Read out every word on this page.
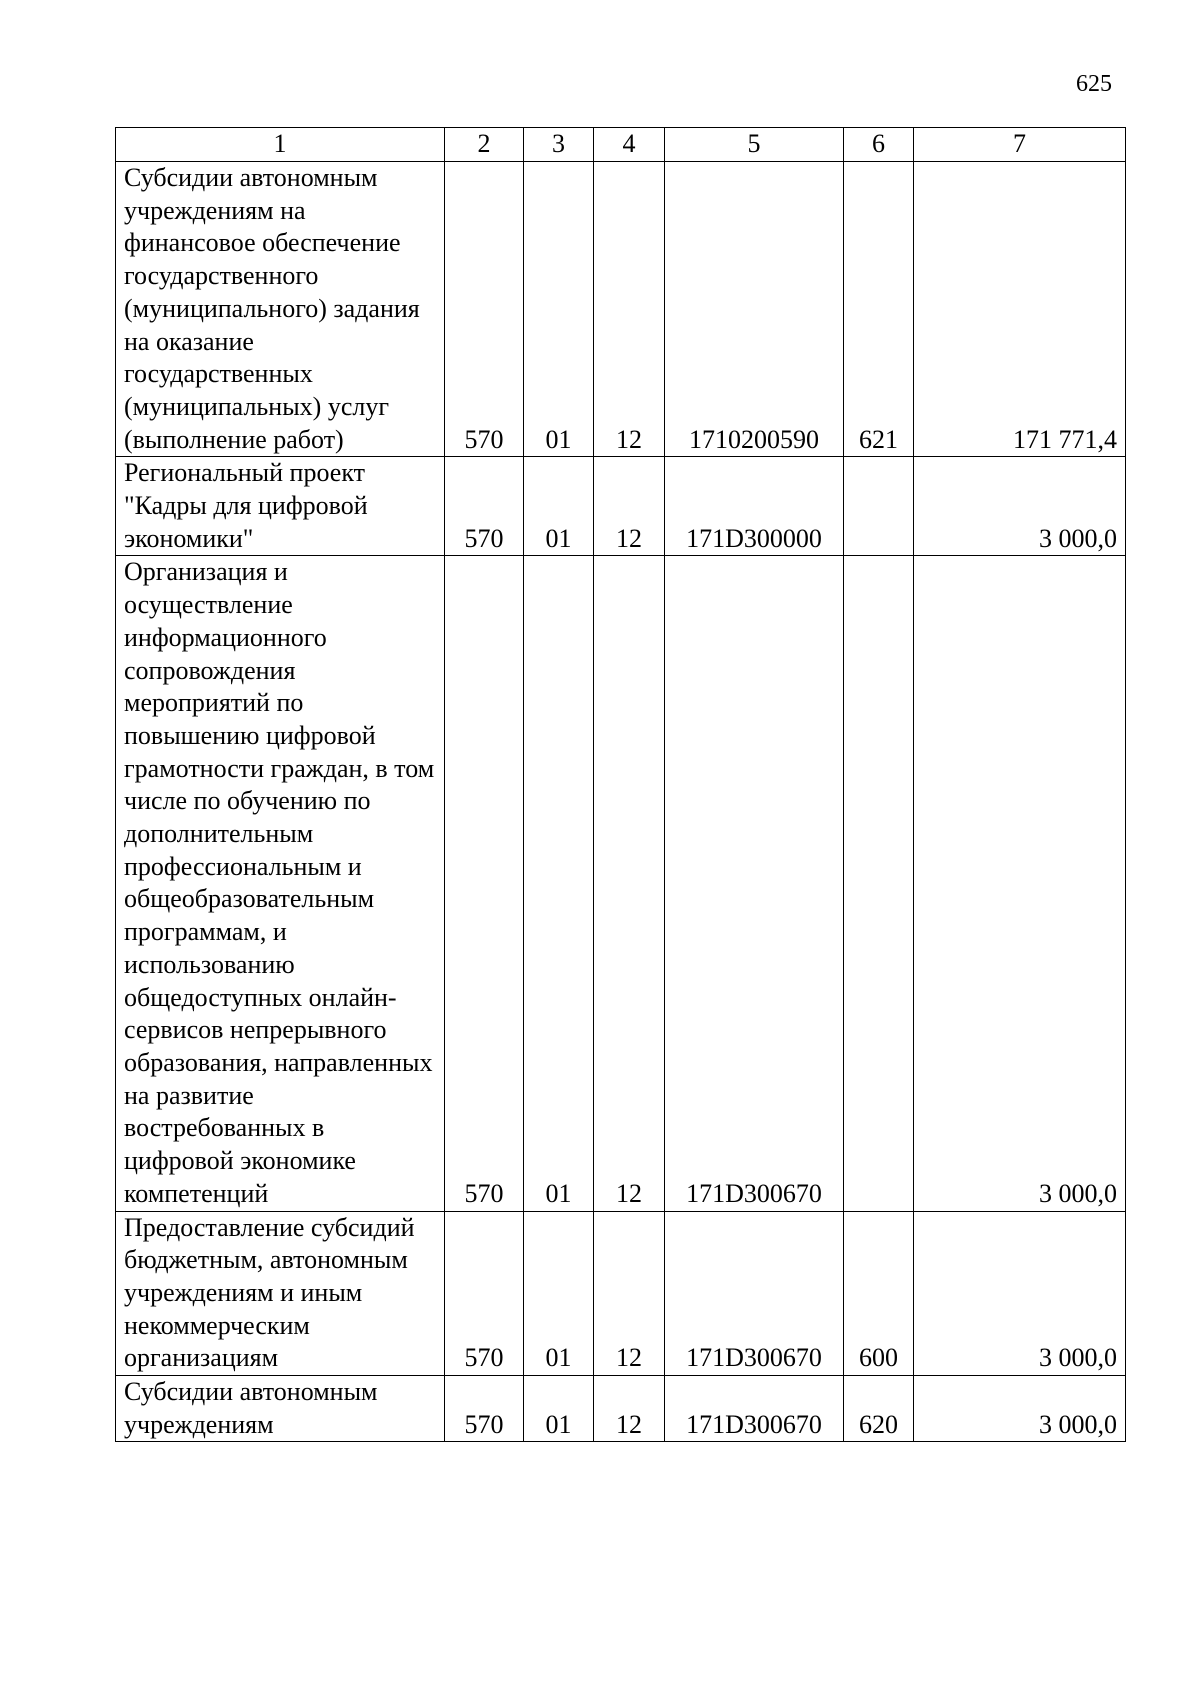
625
1	2	3	4	5	6	7
Субсидии автономным учреждениям на финансовое обеспечение государственного (муниципального) задания на оказание государственных (муниципальных) услуг (выполнение работ)	570	01	12	1710200590	621	171 771,4
Региональный проект "Кадры для цифровой экономики"	570	01	12	171D300000		3 000,0
Организация и осуществление информационного сопровождения мероприятий по повышению цифровой грамотности граждан, в том числе по обучению по дополнительным профессиональным и общеобразовательным программам, и использованию общедоступных онлайн-сервисов непрерывного образования, направленных на развитие востребованных в цифровой экономике компетенций	570	01	12	171D300670		3 000,0
Предоставление субсидий бюджетным, автономным учреждениям и иным некоммерческим организациям	570	01	12	171D300670	600	3 000,0
Субсидии автономным учреждениям	570	01	12	171D300670	620	3 000,0
